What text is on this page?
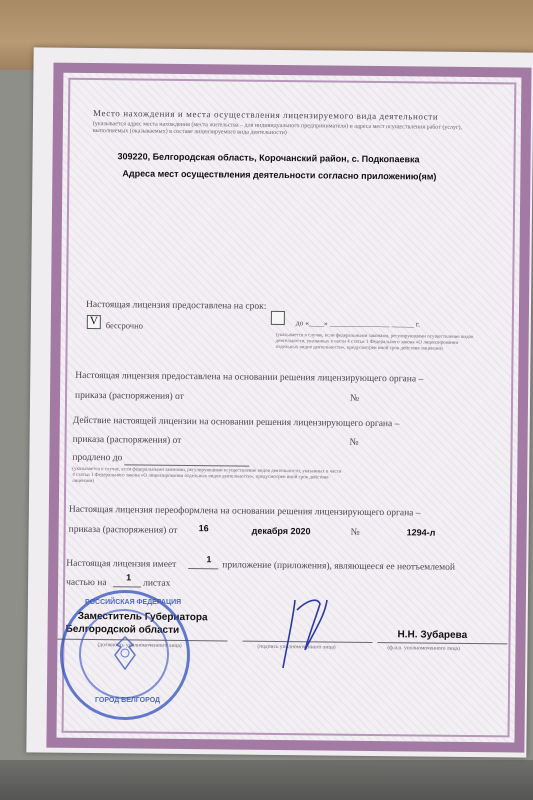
Место нахождения и места осуществления лицензируемого вида деятельности
(указывается адрес места нахождения (места жительства – для индивидуального предпринимателя) и адреса мест осуществления работ (услуг), выполняемых (оказываемых) в составе лицензируемого вида деятельности)
309220, Белгородская область, Корочанский район, с. Подкопаевка
Адреса мест осуществления деятельности согласно приложению(ям)
Настоящая лицензия предоставлена на срок:
V бессрочно	до «____» ________________ ______ г.
(указывается в случае, если федеральными законами, регулирующими осуществление видов деятельности, указанных в части 4 статьи 1 Федерального закона «О лицензировании отдельных видов деятельности», предусмотрен иной срок действия лицензии)
Настоящая лицензия предоставлена на основании решения лицензирующего органа –
приказа (распоряжения) от	№
Действие настоящей лицензии на основании решения лицензирующего органа –
приказа (распоряжения) от	№
продлено до
(указывается в случае, если федеральными законами, регулирующими осуществление видов деятельности, указанных в части 4 статьи 1 Федерального закона «О лицензировании отдельных видов деятельности», предусмотрен иной срок действия лицензии)
Настоящая лицензия переоформлена на основании решения лицензирующего органа –
приказа (распоряжения) от 16	декабря 2020	№	1294-л
Настоящая лицензия имеет	1
приложение (приложения), являющееся ее неотъемлемой
частью на
1
листах
Заместитель Губернатора
Белгородской области
(должность уполномоченного лица)	(подпись уполномоченного лица)
Н.Н. Зубарева
(ф.и.о. уполномоченного лица)
РОССИЙСКАЯ ФЕДЕРАЦИЯ
ГОРОД БЕЛГОРОД
